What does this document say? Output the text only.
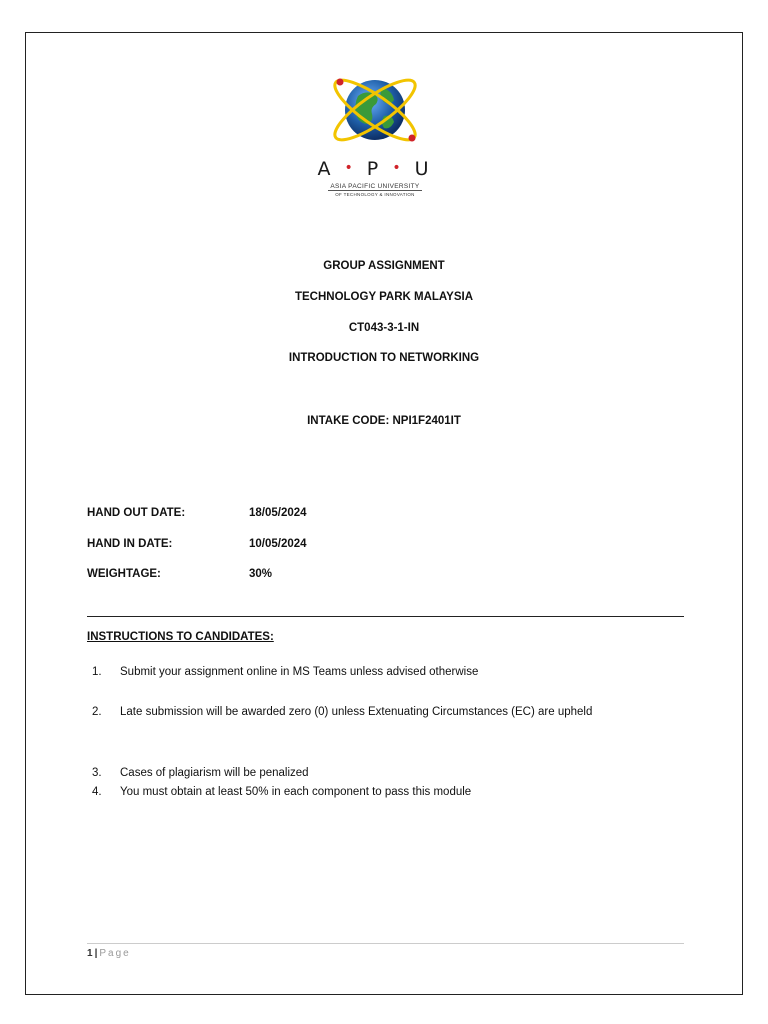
A • P • U
ASIA PACIFIC UNIVERSITY
OF TECHNOLOGY & INNOVATION
GROUP ASSIGNMENT
TECHNOLOGY PARK MALAYSIA
CT043-3-1-IN
INTRODUCTION TO NETWORKING
INTAKE CODE: NPI1F2401IT
HAND OUT DATE:	18/05/2024
HAND IN DATE:	10/05/2024
WEIGHTAGE:	30%
INSTRUCTIONS TO CANDIDATES:
1. Submit your assignment online in MS Teams unless advised otherwise
2. Late submission will be awarded zero (0) unless Extenuating Circumstances (EC) are upheld
3. Cases of plagiarism will be penalized
4. You must obtain at least 50% in each component to pass this module
1 | Page
